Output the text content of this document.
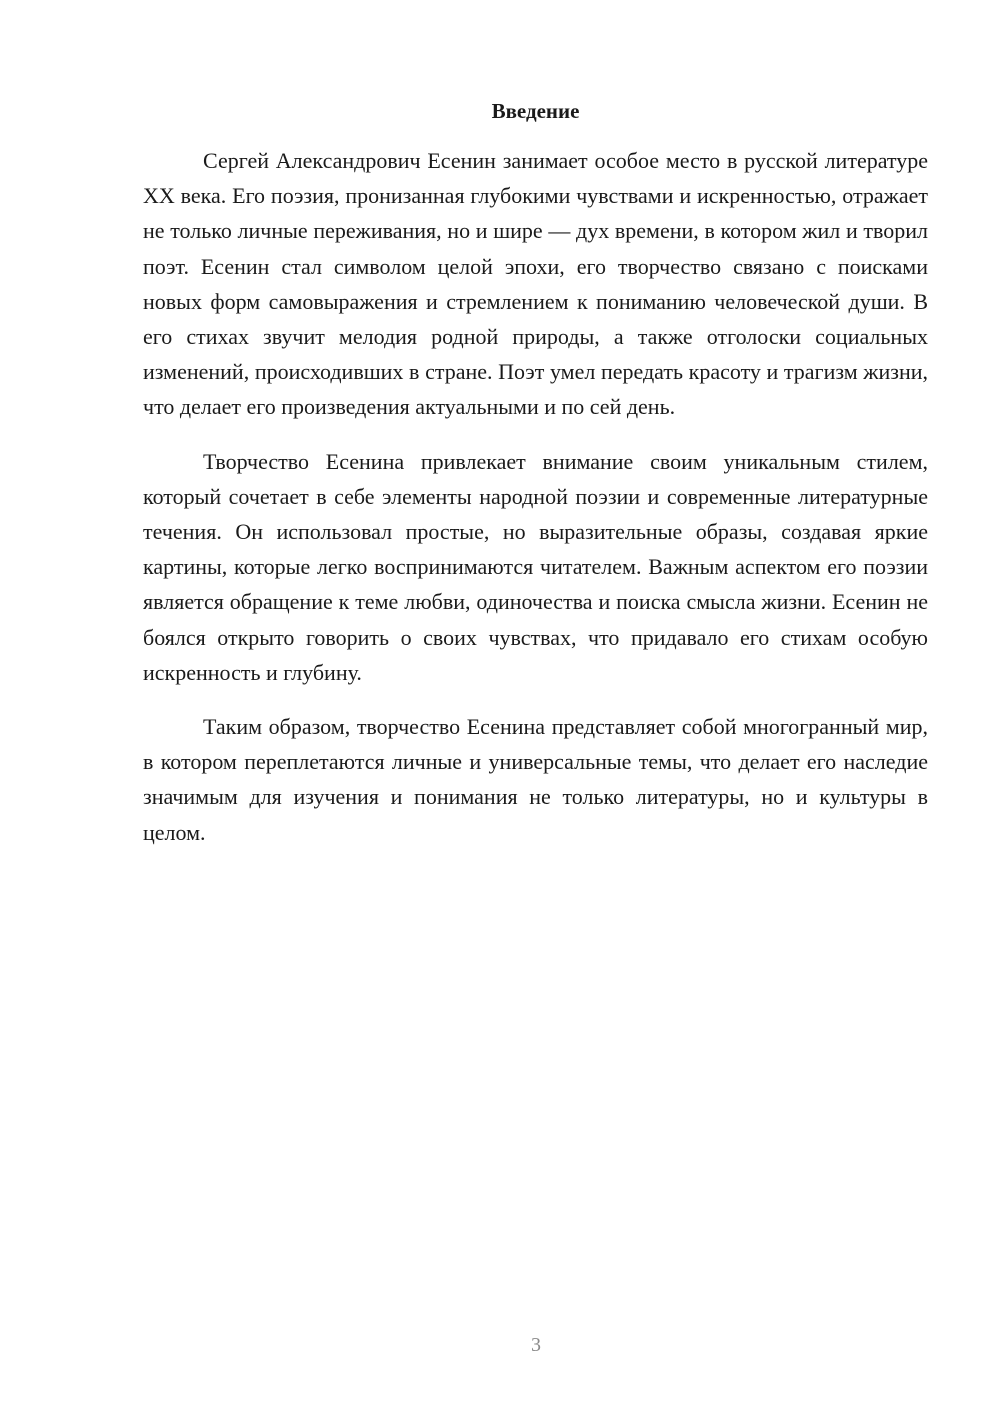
Введение

Сергей Александрович Есенин занимает особое место в русской литературе XX века. Его поэзия, пронизанная глубокими чувствами и искренностью, отражает не только личные переживания, но и шире — дух времени, в котором жил и творил поэт. Есенин стал символом целой эпохи, его творчество связано с поисками новых форм самовыражения и стремлением к пониманию человеческой души. В его стихах звучит мелодия родной природы, а также отголоски социальных изменений, происходивших в стране. Поэт умел передать красоту и трагизм жизни, что делает его произведения актуальными и по сей день.

Творчество Есенина привлекает внимание своим уникальным стилем, который сочетает в себе элементы народной поэзии и современные литературные течения. Он использовал простые, но выразительные образы, создавая яркие картины, которые легко воспринимаются читателем. Важным аспектом его поэзии является обращение к теме любви, одиночества и поиска смысла жизни. Есенин не боялся открыто говорить о своих чувствах, что придавало его стихам особую искренность и глубину.

Таким образом, творчество Есенина представляет собой многогранный мир, в котором переплетаются личные и универсальные темы, что делает его наследие значимым для изучения и понимания не только литературы, но и культуры в целом.

3
